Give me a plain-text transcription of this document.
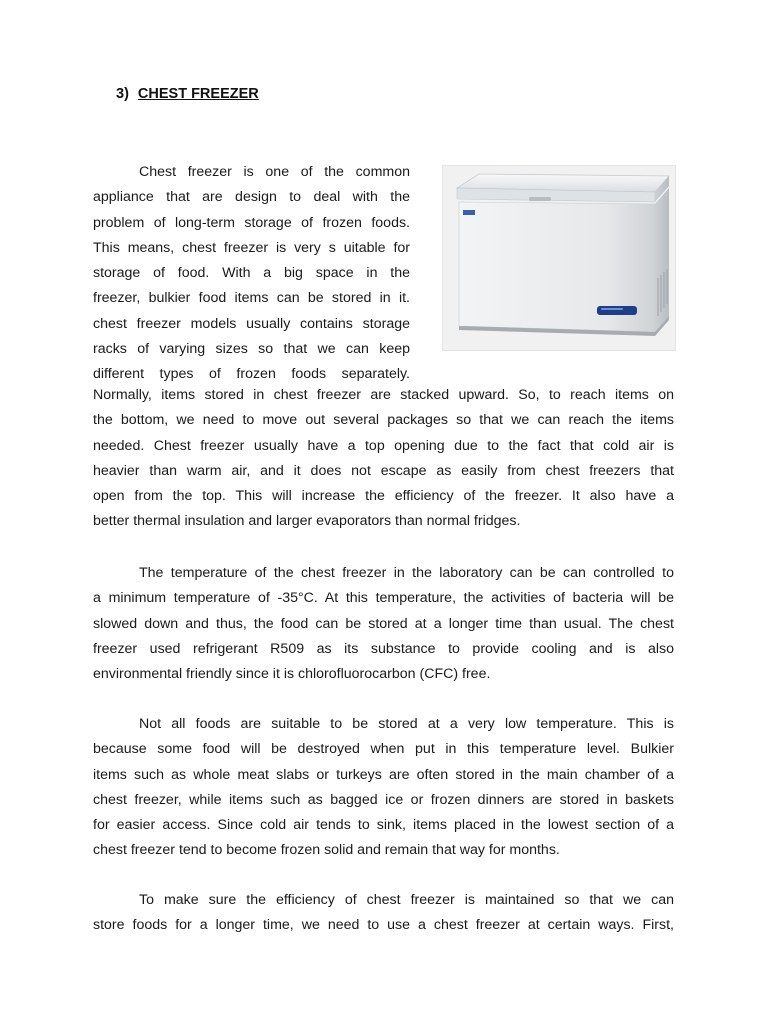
3) CHEST FREEZER

Chest freezer is one of the common

appliance that are design to deal with the

problem of long-term storage of frozen foods.

This means, chest freezer is very s uitable for

storage of food. With a big space in the

freezer, bulkier food items can be stored in it.

chest freezer models usually contains storage

racks of varying sizes so that we can keep

different types of frozen foods separately.

Normally, items stored in chest freezer are stacked upward. So, to reach items on

the bottom, we need to move out several packages so that we can reach the items

needed. Chest freezer usually have a top opening due to the fact that cold air is

heavier than warm air, and it does not escape as easily from chest freezers that

open from the top. This will increase the efficiency of the freezer. It also have a

better thermal insulation and larger evaporators than normal fridges.

The temperature of the chest freezer in the laboratory can be can controlled to

a minimum temperature of -35°C. At this temperature, the activities of bacteria will be

slowed down and thus, the food can be stored at a longer time than usual. The chest

freezer used refrigerant R509 as its substance to provide cooling and is also

environmental friendly since it is chlorofluorocarbon (CFC) free.

Not all foods are suitable to be stored at a very low temperature. This is

because some food will be destroyed when put in this temperature level. Bulkier

items such as whole meat slabs or turkeys are often stored in the main chamber of a

chest freezer, while items such as bagged ice or frozen dinners are stored in baskets

for easier access. Since cold air tends to sink, items placed in the lowest section of a

chest freezer tend to become frozen solid and remain that way for months.

To make sure the efficiency of chest freezer is maintained so that we can

store foods for a longer time, we need to use a chest freezer at certain ways. First,
